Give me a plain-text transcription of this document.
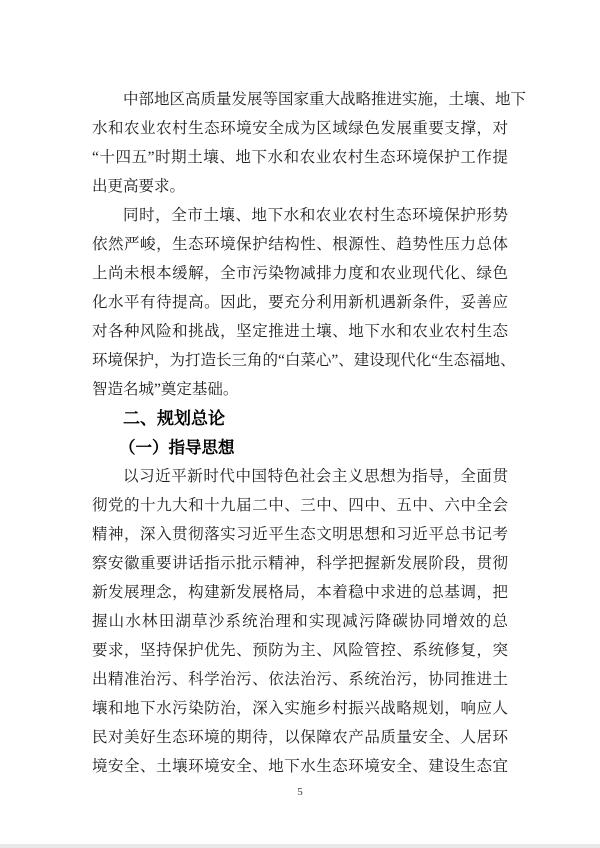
中部地区高质量发展等国家重大战略推进实施，土壤、地下
水和农业农村生态环境安全成为区域绿色发展重要支撑，对
“十四五”时期土壤、地下水和农业农村生态环境保护工作提
出更高要求。
同时，全市土壤、地下水和农业农村生态环境保护形势
依然严峻，生态环境保护结构性、根源性、趋势性压力总体
上尚未根本缓解，全市污染物减排力度和农业现代化、绿色
化水平有待提高。因此，要充分利用新机遇新条件，妥善应
对各种风险和挑战，坚定推进土壤、地下水和农业农村生态
环境保护，为打造长三角的“白菜心”、建设现代化“生态福地、
智造名城”奠定基础。
二、规划总论
（一）指导思想
以习近平新时代中国特色社会主义思想为指导，全面贯
彻党的十九大和十九届二中、三中、四中、五中、六中全会
精神，深入贯彻落实习近平生态文明思想和习近平总书记考
察安徽重要讲话指示批示精神，科学把握新发展阶段，贯彻
新发展理念，构建新发展格局，本着稳中求进的总基调，把
握山水林田湖草沙系统治理和实现减污降碳协同增效的总
要求，坚持保护优先、预防为主、风险管控、系统修复，突
出精准治污、科学治污、依法治污、系统治污，协同推进土
壤和地下水污染防治，深入实施乡村振兴战略规划，响应人
民对美好生态环境的期待，以保障农产品质量安全、人居环
境安全、土壤环境安全、地下水生态环境安全、建设生态宜
5
